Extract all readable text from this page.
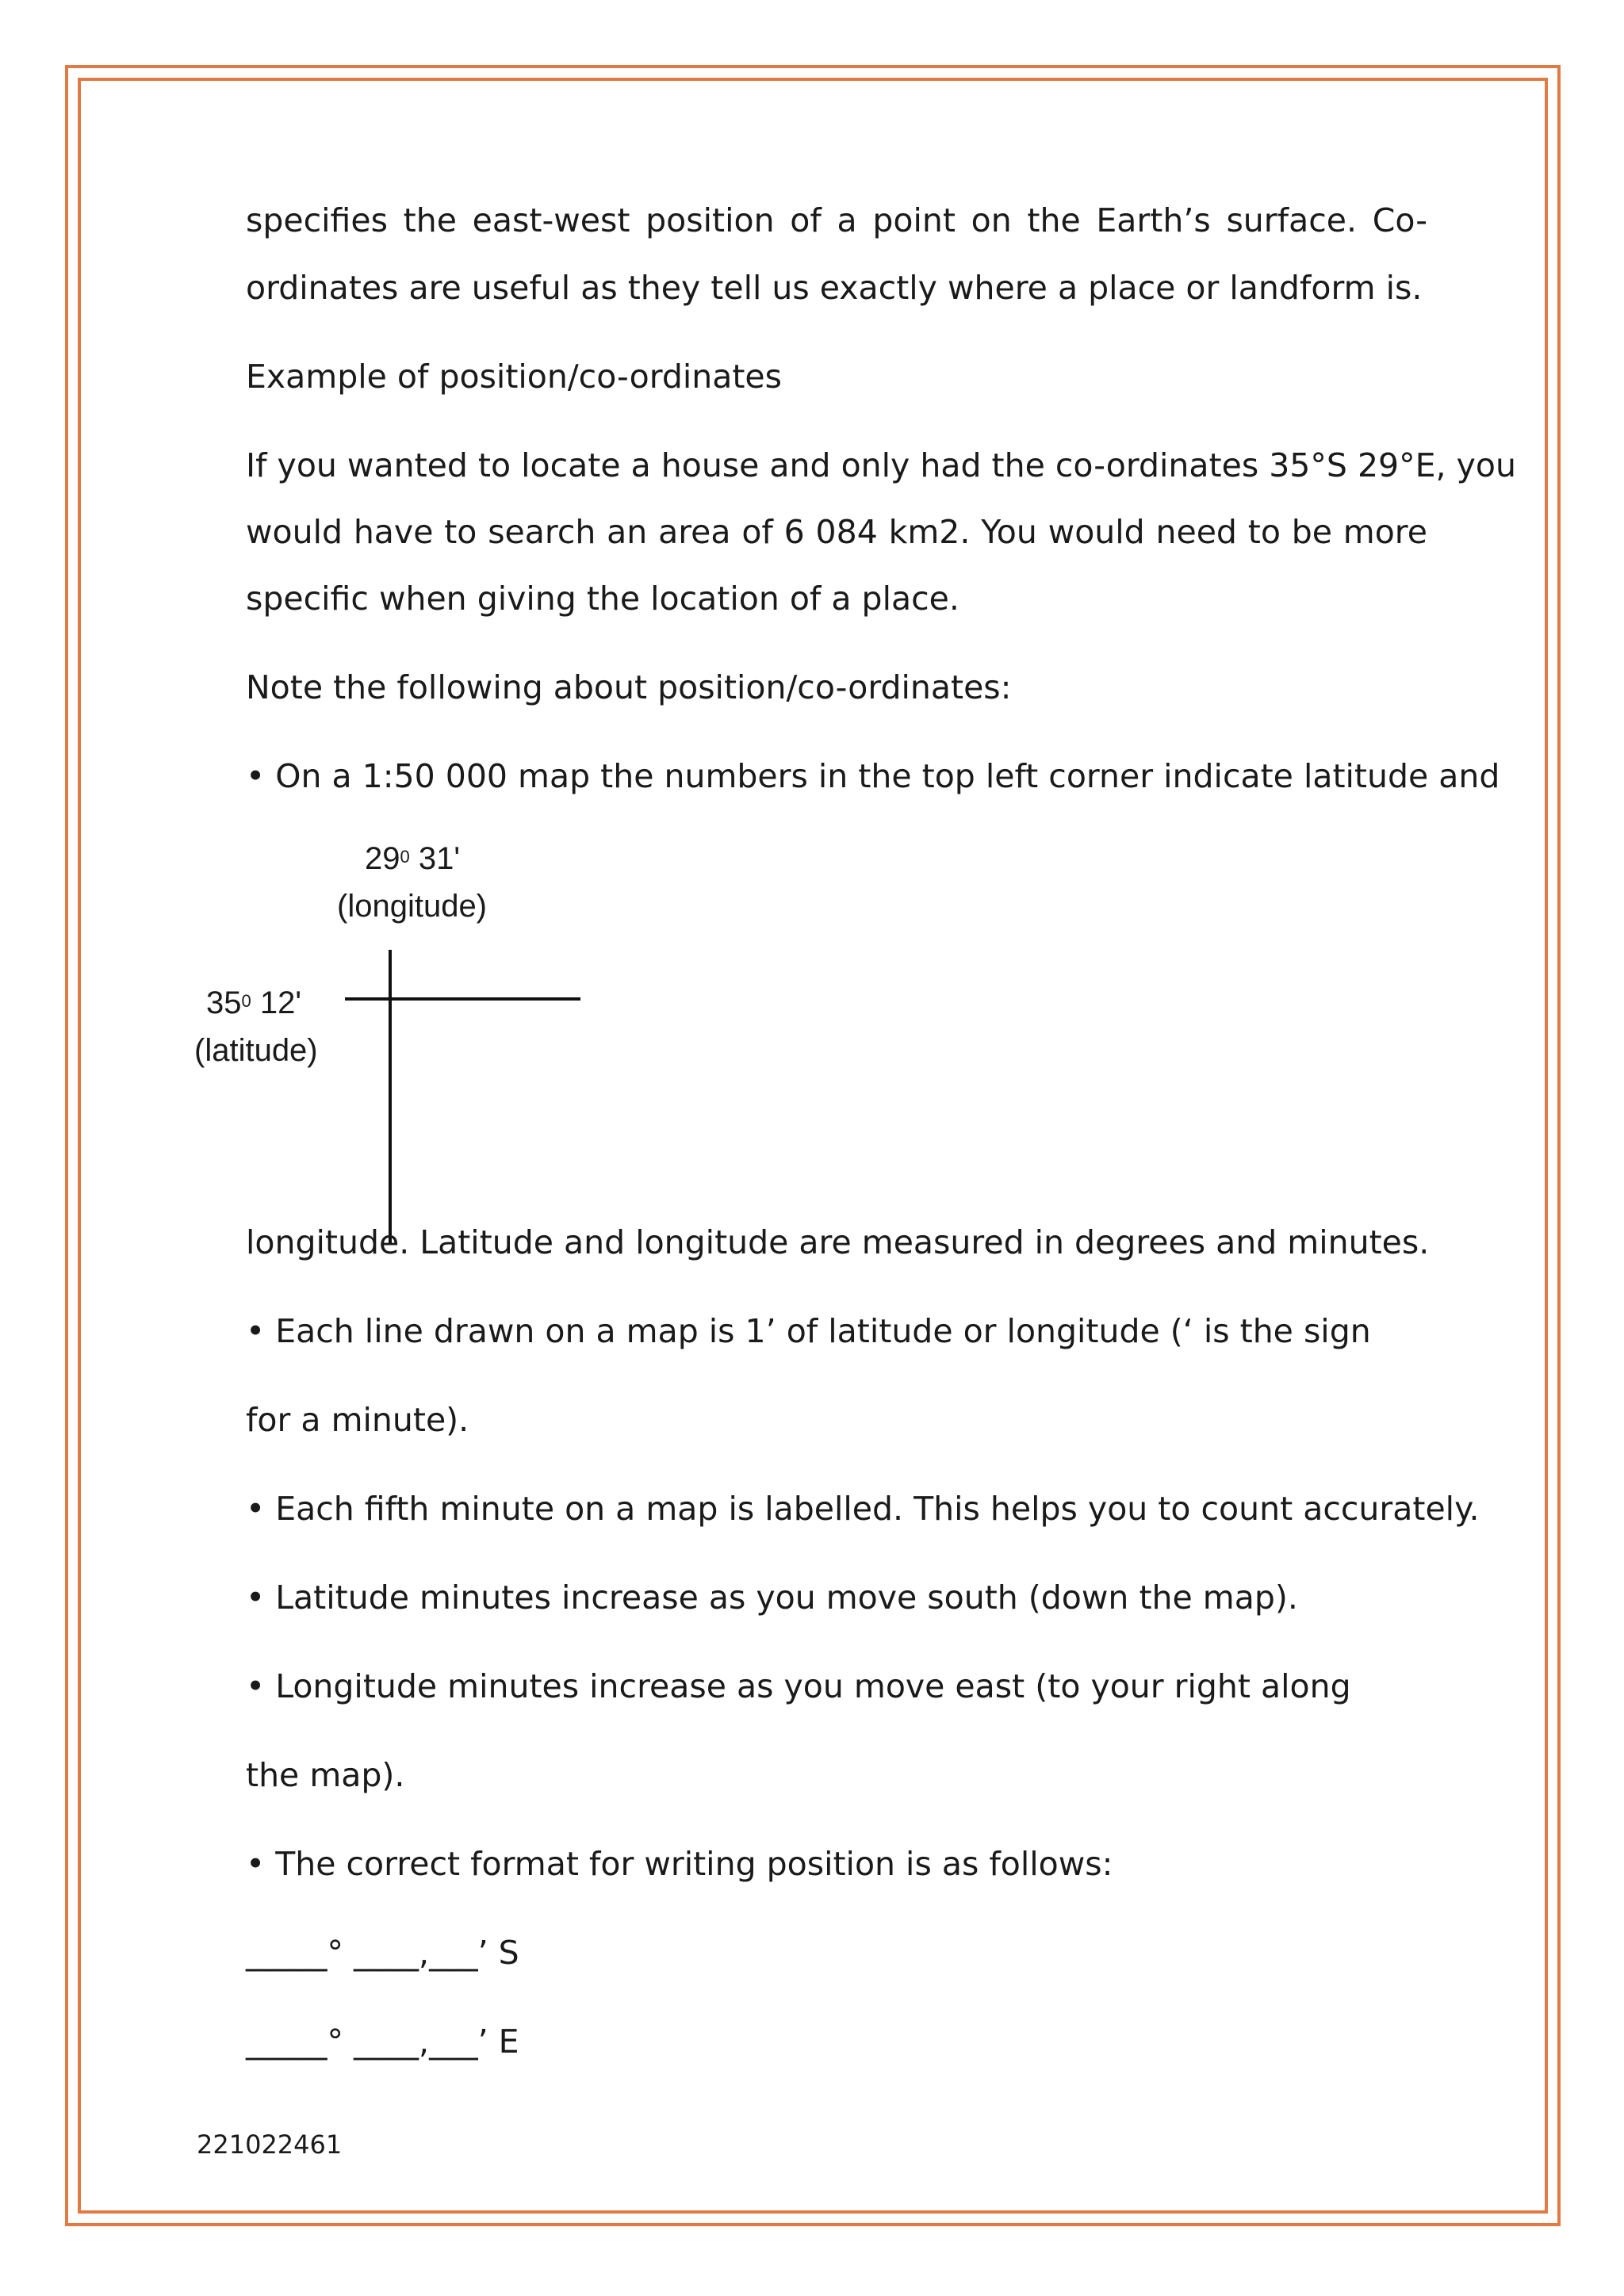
specifies the east-west position of a point on the Earth’s surface. Co-
ordinates are useful as they tell us exactly where a place or landform is.
Example of position/co-ordinates
If you wanted to locate a house and only had the co-ordinates 35°S 29°E, you
would have to search an area of 6 084 km2. You would need to be more
specific when giving the location of a place.
Note the following about position/co-ordinates:
• On a 1:50 000 map the numbers in the top left corner indicate latitude and
$29^0$ 31'
(longitude)
$35^0$ 12'
(latitude)
longitude. Latitude and longitude are measured in degrees and minutes.
• Each line drawn on a map is 1’ of latitude or longitude (‘ is the sign
for a minute).
• Each fifth minute on a map is labelled. This helps you to count accurately.
• Latitude minutes increase as you move south (down the map).
• Longitude minutes increase as you move east (to your right along
the map).
• The correct format for writing position is as follows:
_____° ____,___’ S
_____° ____,___’ E
221022461
